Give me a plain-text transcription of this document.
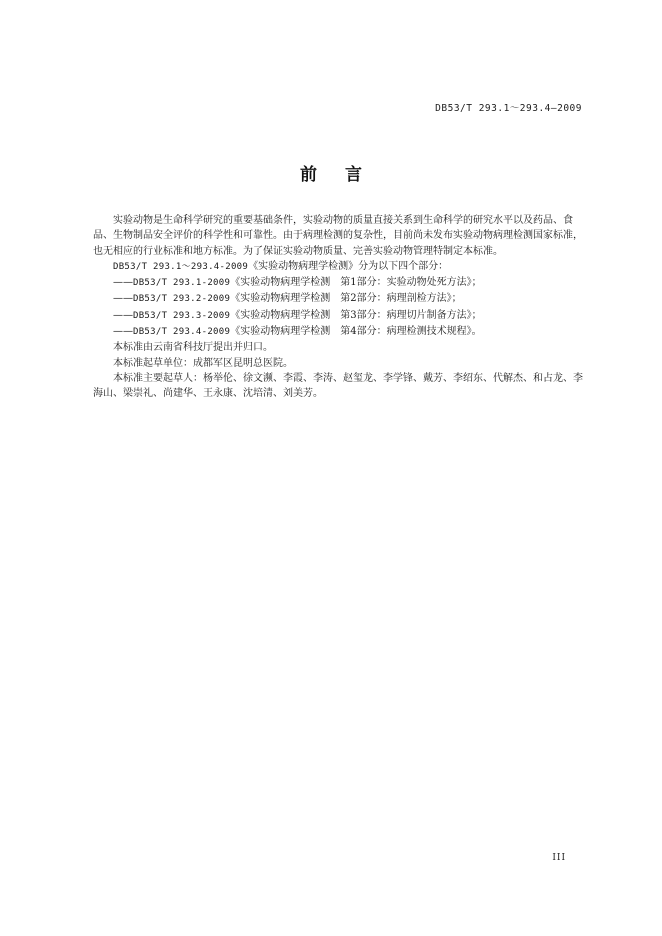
DB53/T 293.1～293.4—2009
前言

实验动物是生命科学研究的重要基础条件，实验动物的质量直接关系到生命科学的研究水平以及药品、食品、生物制品安全评价的科学性和可靠性。由于病理检测的复杂性，目前尚未发布实验动物病理检测国家标准，也无相应的行业标准和地方标准。为了保证实验动物质量、完善实验动物管理特制定本标准。

DB53/T 293.1～293.4-2009《实验动物病理学检测》分为以下四个部分：

——DB53/T 293.1-2009《实验动物病理学检测　第1部分：实验动物处死方法》；

——DB53/T 293.2-2009《实验动物病理学检测　第2部分：病理剖检方法》；

——DB53/T 293.3-2009《实验动物病理学检测　第3部分：病理切片制备方法》；

——DB53/T 293.4-2009《实验动物病理学检测　第4部分：病理检测技术规程》。

本标准由云南省科技厅提出并归口。

本标准起草单位：成都军区昆明总医院。

本标准主要起草人：杨举伦、徐文濒、李霞、李涛、赵玺龙、李学锋、戴芳、李绍东、代解杰、和占龙、李海山、梁崇礼、尚建华、王永康、沈培清、刘美芳。

III
